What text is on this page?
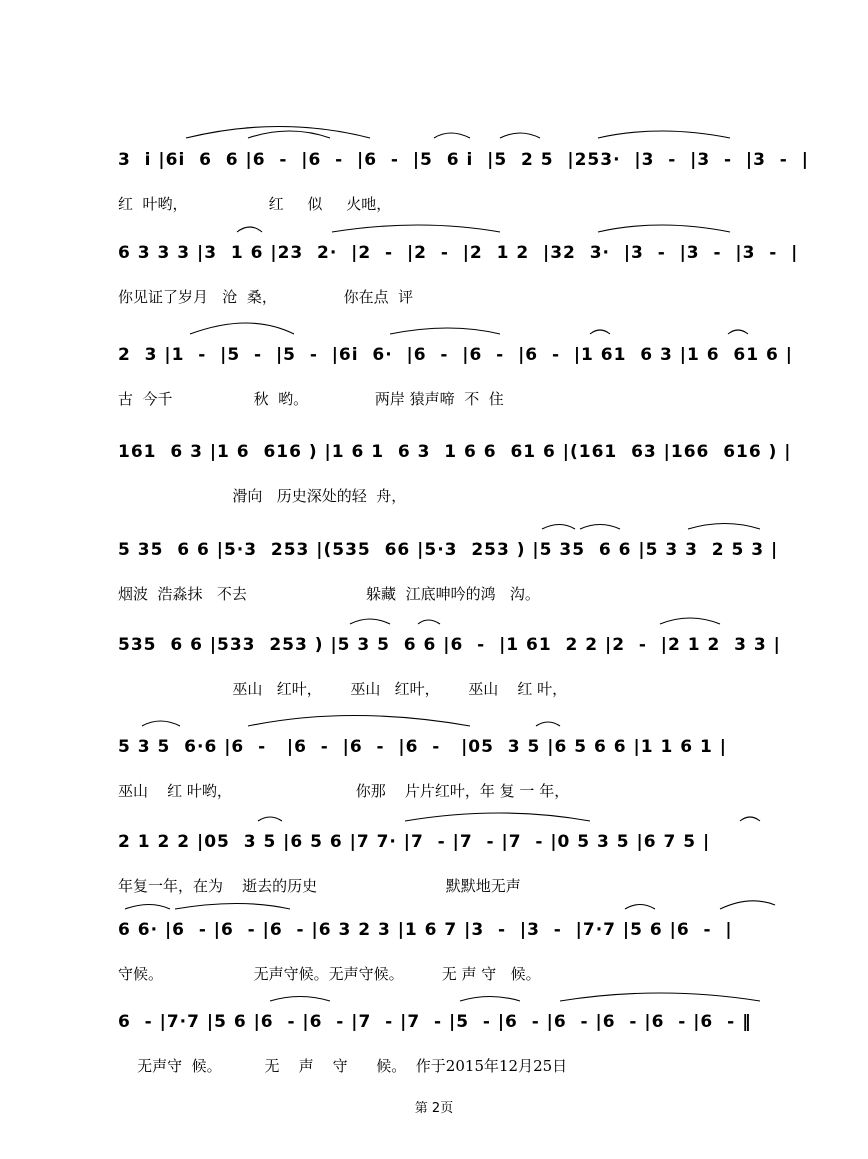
3  i |6i  6  6 |6  -  |6  -  |6  -  |5  6 i  |5  2 5  |253·  |3  -  |3  -  |3  -  |
红  叶哟，                 红     似     火吔，
6 3 3 3 |3  1 6 |23  2·  |2  -  |2  -  |2  1 2  |32  3·  |3  -  |3  -  |3  -  |
你见证了岁月   沧  桑，              你在点  评
2  3 |1  -  |5  -  |5  -  |6i  6·  |6  -  |6  -  |6  -  |1 61  6 3 |1 6  61 6 |
古  今千                 秋  哟。              两岸 猿声啼  不  住
161  6 3 |1 6  616 ) |1 6 1  6 3  1 6 6  61 6 |(161  63 |166  616 ) |
滑向   历史深处的轻  舟，
5 35  6 6 |5·3  253 |(535  66 |5·3  253 ) |5 35  6 6 |5 3 3  2 5 3 |
烟波  浩淼抹   不去                         躲藏  江底呻吟的鸿   沟。
535  6 6 |533  253 ) |5 3 5  6 6 |6  -  |1 61  2 2 |2  -  |2 1 2  3 3 |
巫山   红叶，      巫山   红叶，      巫山    红 叶，
5 3 5  6·6 |6  -   |6  -  |6  -  |6  -   |05  3 5 |6 5 6 6 |1 1 6 1 |
巫山    红 叶哟，                          你那    片片红叶，年 复 一 年，
2 1 2 2 |05  3 5 |6 5 6 |7 7· |7  - |7  - |7  - |0 5 3 5 |6 7 5 |
年复一年，在为    逝去的历史                           默默地无声
6 6· |6  - |6  - |6  - |6 3 2 3 |1 6 7 |3  -  |3  -  |7·7 |5 6 |6  -  |
守候。                   无声守候。无声守候。        无 声 守   候。
6  - |7·7 |5 6 |6  - |6  - |7  - |7  - |5  - |6  - |6  - |6  - |6  - |6  - ‖
无声守  候。         无    声    守      候。  作于2015年12月25日
第 2页
